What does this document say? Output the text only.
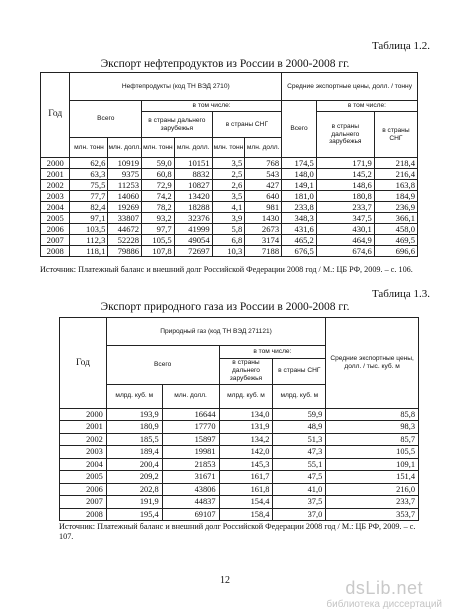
Таблица 1.2.
Экспорт нефтепродуктов из России в 2000-2008 гг.
Год	Нефтепродукты (код ТН ВЭД 2710)						Средние экспортные цены, долл. / тонну		
	Всего		в том числе:				Всего	в том числе:	
			в страны дальнего зарубежья		в страны СНГ			в страны дальнего зарубежья	в страны СНГ
	млн. тонн	млн. долл.	млн. тонн	млн. долл.	млн. тонн	млн. долл.			
2000	62,6	10919	59,0	10151	3,5	768	174,5	171,9	218,4
2001	63,3	9375	60,8	8832	2,5	543	148,0	145,2	216,4
2002	75,5	11253	72,9	10827	2,6	427	149,1	148,6	163,8
2003	77,7	14060	74,2	13420	3,5	640	181,0	180,8	184,9
2004	82,4	19269	78,2	18288	4,1	981	233,8	233,7	236,9
2005	97,1	33807	93,2	32376	3,9	1430	348,3	347,5	366,1
2006	103,5	44672	97,7	41999	5,8	2673	431,6	430,1	458,0
2007	112,3	52228	105,5	49054	6,8	3174	465,2	464,9	469,5
2008	118,1	79886	107,8	72697	10,3	7188	676,5	674,6	696,6
Источник: Платежный баланс и внешний долг Российской Федерации 2008 год / М.: ЦБ РФ, 2009. – с. 106.
Таблица 1.3.
Экспорт природного газа из России в 2000-2008 гг.
Год	Природный газ (код ТН ВЭД 271121)				Средние экспортные цены, долл. / тыс. куб. м
	Всего		в том числе:		
			в страны дальнего зарубежья	в страны СНГ	
	млрд. куб. м	млн. долл.	млрд. куб. м	млрд. куб. м	
2000	193,9	16644	134,0	59,9	85,8
2001	180,9	17770	131,9	48,9	98,3
2002	185,5	15897	134,2	51,3	85,7
2003	189,4	19981	142,0	47,3	105,5
2004	200,4	21853	145,3	55,1	109,1
2005	209,2	31671	161,7	47,5	151,4
2006	202,8	43806	161,8	41,0	216,0
2007	191,9	44837	154,4	37,5	233,7
2008	195,4	69107	158,4	37,0	353,7
Источник: Платежный баланс и внешний долг Российской Федерации 2008 год / М.: ЦБ РФ, 2009. – с. 107.
12	dsLib.net
библиотека диссертаций
